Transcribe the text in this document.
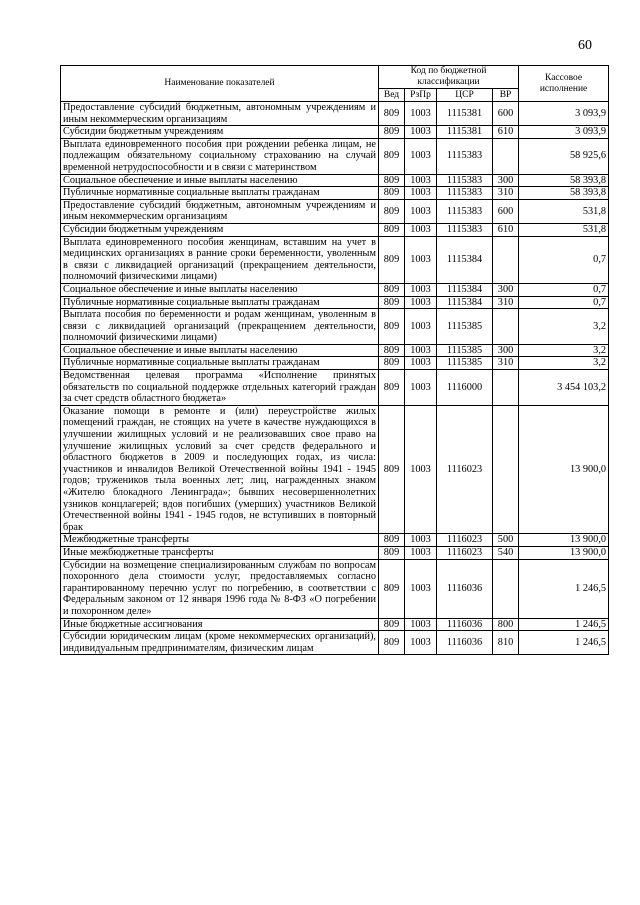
60
Наименование показателей	Код по бюджетной классификации				Кассовое исполнение
	Вед	РзПр	ЦСР	ВР	
Предоставление субсидий бюджетным, автономным учреждениям и иным некоммерческим организациям	809	1003	1115381	600	3 093,9
Субсидии бюджетным учреждениям	809	1003	1115381	610	3 093,9
Выплата единовременного пособия при рождении ребенка лицам, не подлежащим обязательному социальному страхованию на случай временной нетрудоспособности и в связи с материнством	809	1003	1115383		58 925,6
Социальное обеспечение и иные выплаты населению	809	1003	1115383	300	58 393,8
Публичные нормативные социальные выплаты гражданам	809	1003	1115383	310	58 393,8
Предоставление субсидий бюджетным, автономным учреждениям и иным некоммерческим организациям	809	1003	1115383	600	531,8
Субсидии бюджетным учреждениям	809	1003	1115383	610	531,8
Выплата единовременного пособия женщинам, вставшим на учет в медицинских организациях в ранние сроки беременности, уволенным в связи с ликвидацией организаций (прекращением деятельности, полномочий физическими лицами)	809	1003	1115384		0,7
Социальное обеспечение и иные выплаты населению	809	1003	1115384	300	0,7
Публичные нормативные социальные выплаты гражданам	809	1003	1115384	310	0,7
Выплата пособия по беременности и родам женщинам, уволенным в связи с ликвидацией организаций (прекращением деятельности, полномочий физическими лицами)	809	1003	1115385		3,2
Социальное обеспечение и иные выплаты населению	809	1003	1115385	300	3,2
Публичные нормативные социальные выплаты гражданам	809	1003	1115385	310	3,2
Ведомственная целевая программа «Исполнение принятых обязательств по социальной поддержке отдельных категорий граждан за счет средств областного бюджета»	809	1003	1116000		3 454 103,2
Оказание помощи в ремонте и (или) переустройстве жилых помещений граждан, не стоящих на учете в качестве нуждающихся в улучшении жилищных условий и не реализовавших свое право на улучшение жилищных условий за счет средств федерального и областного бюджетов в 2009 и последующих годах, из числа: участников и инвалидов Великой Отечественной войны 1941 - 1945 годов; тружеников тыла военных лет; лиц, награжденных знаком «Жителю блокадного Ленинграда»; бывших несовершеннолетних узников концлагерей; вдов погибших (умерших) участников Великой Отечественной войны 1941 - 1945 годов, не вступивших в повторный брак	809	1003	1116023		13 900,0
Межбюджетные трансферты	809	1003	1116023	500	13 900,0
Иные межбюджетные трансферты	809	1003	1116023	540	13 900,0
Субсидии на возмещение специализированным службам по вопросам похоронного дела стоимости услуг, предоставляемых согласно гарантированному перечню услуг по погребению, в соответствии с Федеральным законом от 12 января 1996 года № 8-ФЗ «О погребении и похоронном деле»	809	1003	1116036		1 246,5
Иные бюджетные ассигнования	809	1003	1116036	800	1 246,5
Субсидии юридическим лицам (кроме некоммерческих организаций), индивидуальным предпринимателям, физическим лицам	809	1003	1116036	810	1 246,5
